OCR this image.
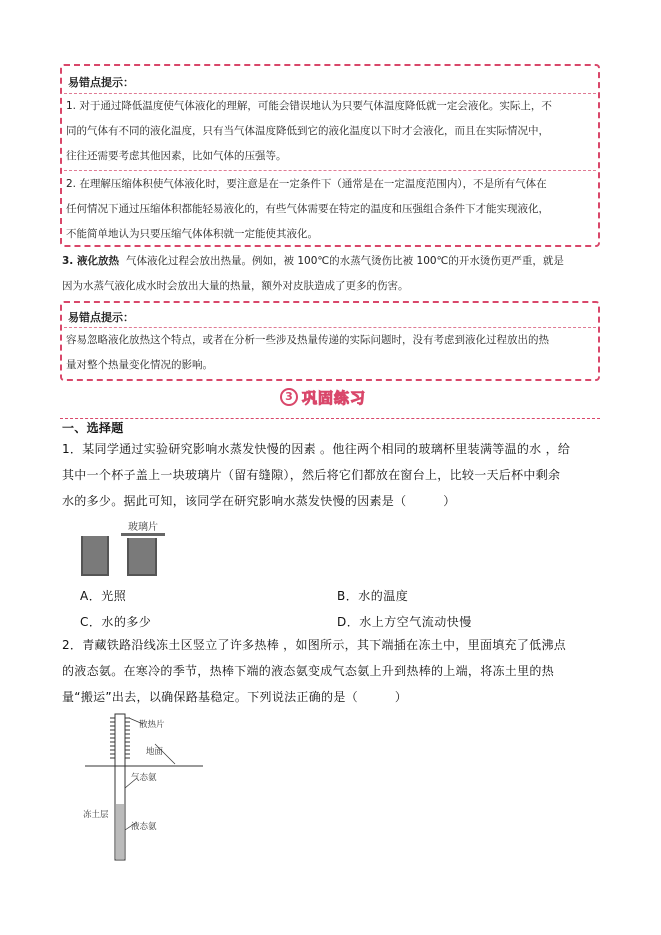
易错点提示：
1. 对于通过降低温度使气体液化的理解，可能会错误地认为只要气体温度降低就一定会液化。实际上，不
同的气体有不同的液化温度，只有当气体温度降低到它的液化温度以下时才会液化，而且在实际情况中，
往往还需要考虑其他因素，比如气体的压强等。
2. 在理解压缩体积使气体液化时，要注意是在一定条件下（通常是在一定温度范围内），不是所有气体在
任何情况下通过压缩体积都能轻易液化的，有些气体需要在特定的温度和压强组合条件下才能实现液化，
不能简单地认为只要压缩气体体积就一定能使其液化。
3. 液化放热 气体液化过程会放出热量。例如，被 100℃的水蒸气烫伤比被 100℃的开水烫伤更严重，就是
因为水蒸气液化成水时会放出大量的热量，额外对皮肤造成了更多的伤害。
易错点提示：
容易忽略液化放热这个特点，或者在分析一些涉及热量传递的实际问题时，没有考虑到液化过程放出的热
量对整个热量变化情况的影响。
3 巩固练习
一、选择题
1．某同学通过实验研究影响水蒸发快慢的因素 。他往两个相同的玻璃杯里装满等温的水 ，给
其中一个杯子盖上一块玻璃片（留有缝隙），然后将它们都放在窗台上，比较一天后杯中剩余
水的多少。据此可知，该同学在研究影响水蒸发快慢的因素是（　　　）
玻璃片
A．光照	B．水的温度
C．水的多少	D．水上方空气流动快慢
2．青藏铁路沿线冻土区竖立了许多热棒 ，如图所示，其下端插在冻土中，里面填充了低沸点
的液态氨。在寒冷的季节，热棒下端的液态氨变成气态氨上升到热棒的上端，将冻土里的热
量“搬运”出去，以确保路基稳定。下列说法正确的是（　　　）
散热片
地面
气态氨
冻土层
液态氨
